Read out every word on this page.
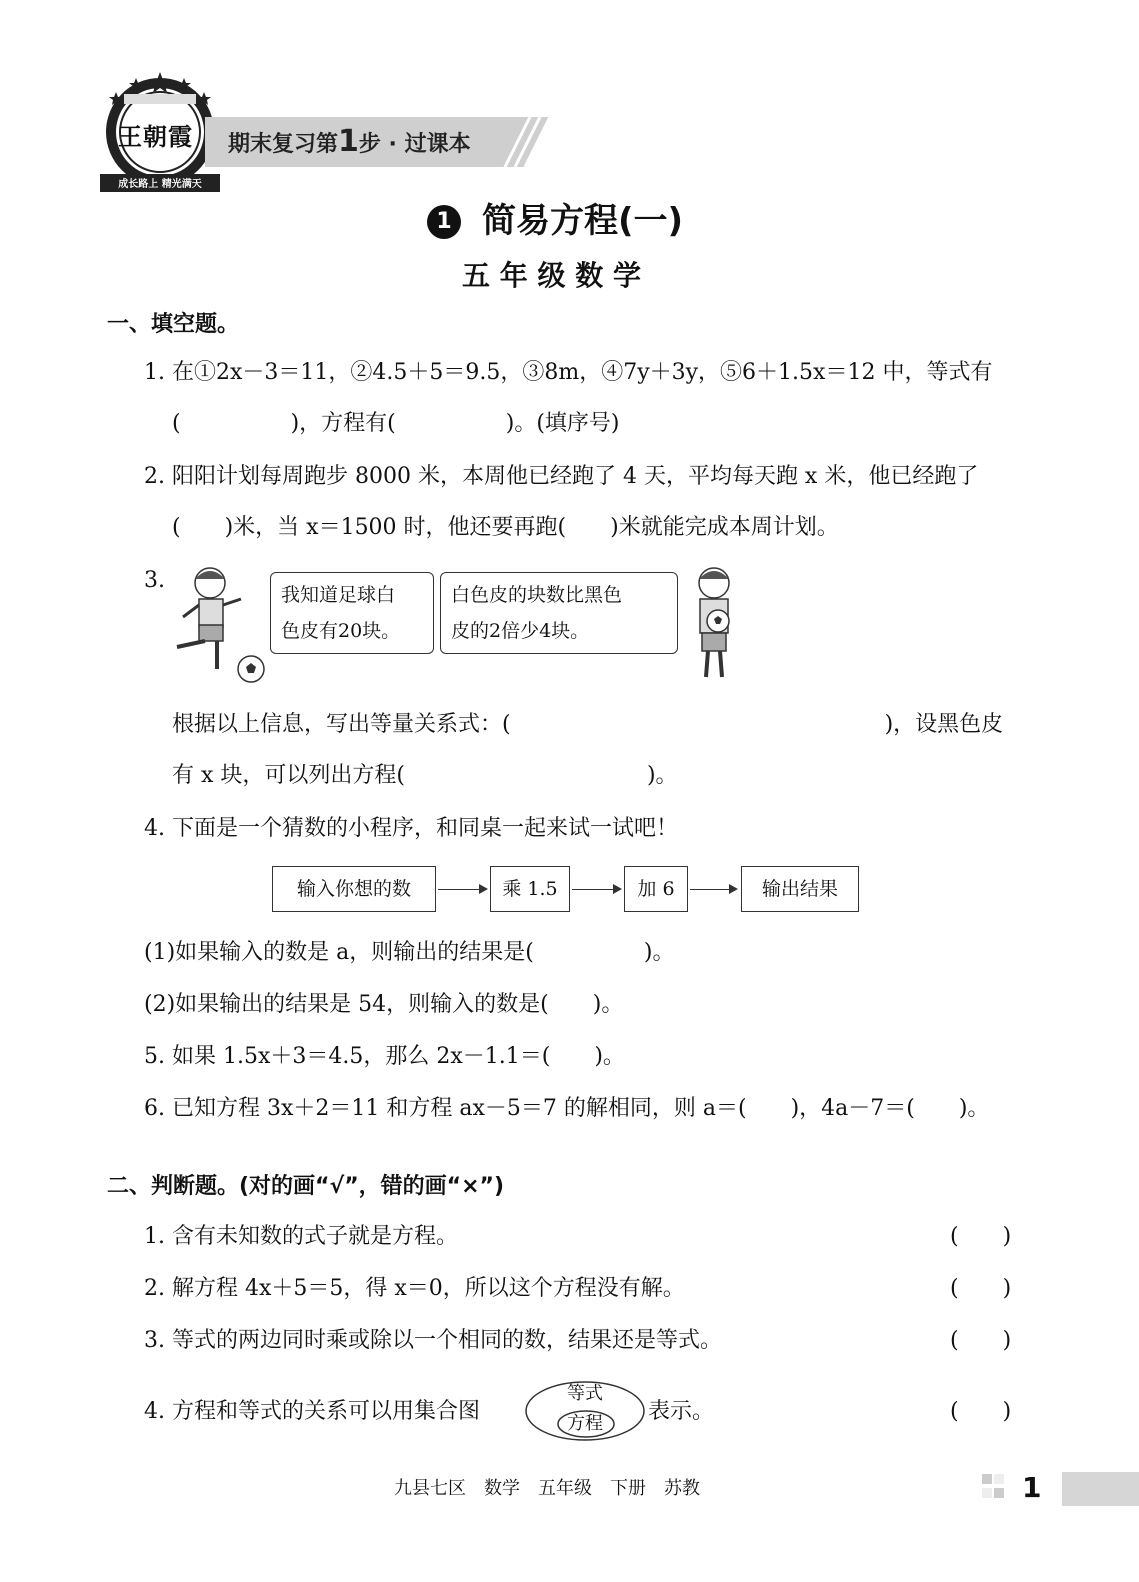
王朝霞
成长路上 精光满天
期末复习第1步 · 过课本
1 简易方程(一)
五 年 级 数 学
一、填空题。
1. 在①2x－3＝11，②4.5＋5＝9.5，③8m，④7y＋3y，⑤6＋1.5x＝12 中，等式有
(　　　　　)，方程有(　　　　　)。(填序号)
2. 阳阳计划每周跑步 8000 米，本周他已经跑了 4 天，平均每天跑 x 米，他已经跑了
(　　)米，当 x＝1500 时，他还要再跑(　　)米就能完成本周计划。
3.
我知道足球白
色皮有20块。
白色皮的块数比黑色
皮的2倍少4块。
根据以上信息，写出等量关系式：(　　　　　　　　　　　　　　　　　)，设黑色皮
有 x 块，可以列出方程(　　　　　　　　　　　)。
4. 下面是一个猜数的小程序，和同桌一起来试一试吧！
输入你想的数	乘 1.5	加 6	输出结果
(1)如果输入的数是 a，则输出的结果是(　　　　　)。
(2)如果输出的结果是 54，则输入的数是(　　)。
5. 如果 1.5x＋3＝4.5，那么 2x－1.1＝(　　)。
6. 已知方程 3x＋2＝11 和方程 ax－5＝7 的解相同，则 a＝(　　)，4a－7＝(　　)。
二、判断题。(对的画“√”，错的画“×”)
1. 含有未知数的式子就是方程。	(　　)
2. 解方程 4x＋5＝5，得 x＝0，所以这个方程没有解。	(　　)
3. 等式的两边同时乘或除以一个相同的数，结果还是等式。	(　　)
4. 方程和等式的关系可以用集合图
等式
方程 表示。	(　　)
九县七区　数学　五年级　下册　苏教	1
